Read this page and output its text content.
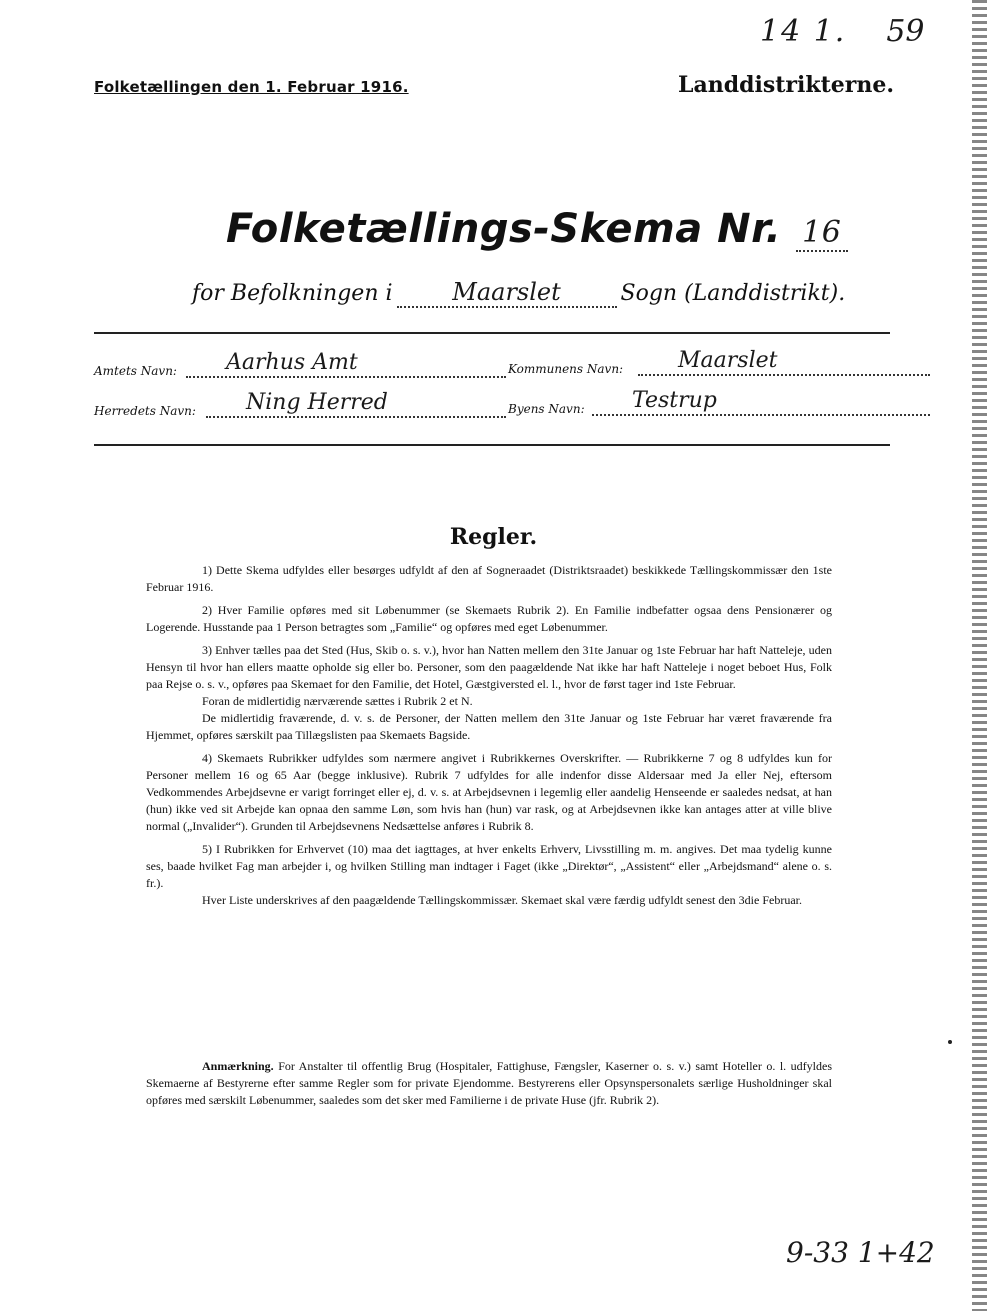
14 1. 59
Folketællingen den 1. Februar 1916.	Landdistrikterne.
Folketællings-Skema Nr. 16
for Befolkningen i	Maarslet	Sogn (Landdistrikt).
Amtets Navn:	Aarhus Amt	Kommunens Navn:	Maarslet
Herredets Navn:	Ning Herred	Byens Navn:	Testrup
Regler.

1) Dette Skema udfyldes eller besørges udfyldt af den af Sogneraadet (Distriktsraadet) beskikkede Tællingskommissær den 1ste Februar 1916.

2) Hver Familie opføres med sit Løbenummer (se Skemaets Rubrik 2). En Familie indbefatter ogsaa dens Pensionærer og Logerende. Husstande paa 1 Person betragtes som „Familie“ og opføres med eget Løbenummer.

3) Enhver tælles paa det Sted (Hus, Skib o. s. v.), hvor han Natten mellem den 31te Januar og 1ste Februar har haft Natteleje, uden Hensyn til hvor han ellers maatte opholde sig eller bo. Personer, som den paagældende Nat ikke har haft Natteleje i noget beboet Hus, Folk paa Rejse o. s. v., opføres paa Skemaet for den Familie, det Hotel, Gæstgiversted el. l., hvor de først tager ind 1ste Februar.

Foran de midlertidig nærværende sættes i Rubrik 2 et N.

De midlertidig fraværende, d. v. s. de Personer, der Natten mellem den 31te Januar og 1ste Februar har været fraværende fra Hjemmet, opføres særskilt paa Tillægslisten paa Skemaets Bagside.

4) Skemaets Rubrikker udfyldes som nærmere angivet i Rubrikkernes Overskrifter. — Rubrikkerne 7 og 8 udfyldes kun for Personer mellem 16 og 65 Aar (begge inklusive). Rubrik 7 udfyldes for alle indenfor disse Aldersaar med Ja eller Nej, eftersom Vedkommendes Arbejdsevne er varigt forringet eller ej, d. v. s. at Arbejdsevnen i legemlig eller aandelig Henseende er saaledes nedsat, at han (hun) ikke ved sit Arbejde kan opnaa den samme Løn, som hvis han (hun) var rask, og at Arbejdsevnen ikke kan antages atter at ville blive normal („Invalider“). Grunden til Arbejdsevnens Nedsættelse anføres i Rubrik 8.

5) I Rubrikken for Erhvervet (10) maa det iagttages, at hver enkelts Erhverv, Livsstilling m. m. angives. Det maa tydelig kunne ses, baade hvilket Fag man arbejder i, og hvilken Stilling man indtager i Faget (ikke „Direktør“, „Assistent“ eller „Arbejdsmand“ alene o. s. fr.).

Hver Liste underskrives af den paagældende Tællingskommissær. Skemaet skal være færdig udfyldt senest den 3die Februar.

Anmærkning. For Anstalter til offentlig Brug (Hospitaler, Fattighuse, Fængsler, Kaserner o. s. v.) samt Hoteller o. l. udfyldes Skemaerne af Bestyrerne efter samme Regler som for private Ejendomme. Bestyrerens eller Opsynspersonalets særlige Husholdninger skal opføres med særskilt Løbenummer, saaledes som det sker med Familierne i de private Huse (jfr. Rubrik 2).

9-33 1+42
